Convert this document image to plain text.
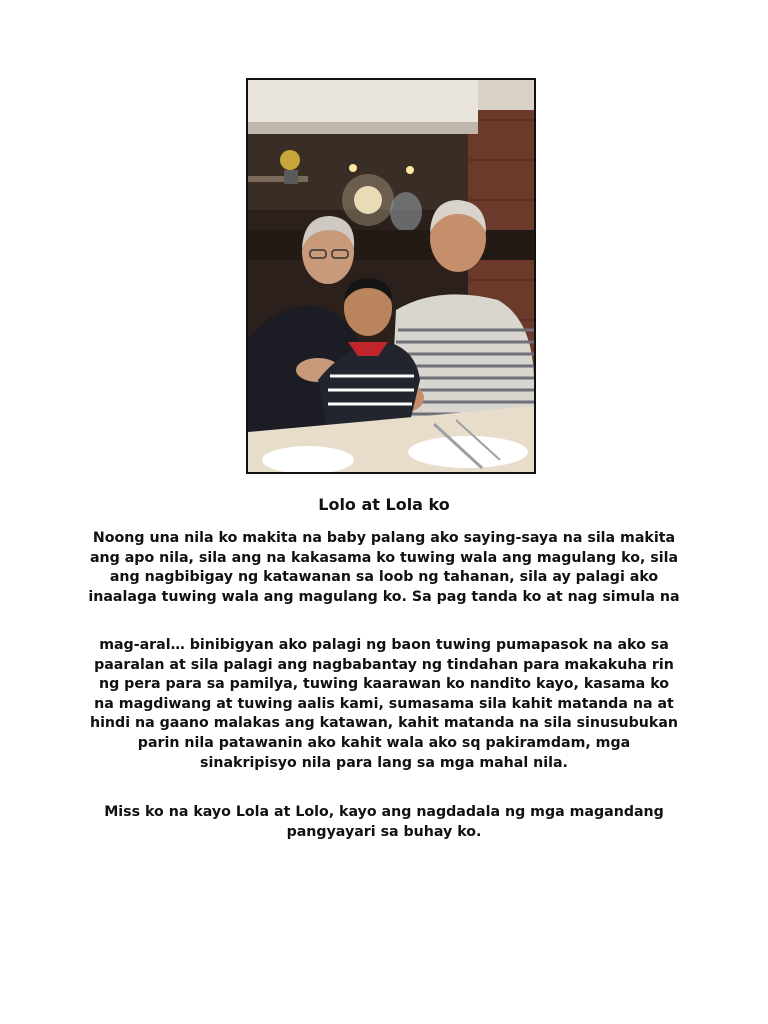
Lolo at Lola ko

Noong una nila ko makita na baby palang ako saying-saya na sila makita ang apo nila, sila ang na kakasama ko tuwing wala ang magulang ko, sila ang nagbibigay ng katawanan sa loob ng tahanan, sila ay palagi ako inaalaga tuwing wala ang magulang ko. Sa pag tanda ko at nag simula na

mag-aral… binibigyan ako palagi ng baon tuwing pumapasok na ako sa paaralan at sila palagi ang nagbabantay ng tindahan para makakuha rin ng pera para sa pamilya, tuwing kaarawan ko nandito kayo, kasama ko na magdiwang at tuwing aalis kami, sumasama sila kahit matanda na at hindi na gaano malakas ang katawan, kahit matanda na sila sinusubukan parin nila patawanin ako kahit wala ako sq pakiramdam, mga sinakripisyo nila para lang sa mga mahal nila.

Miss ko na kayo Lola at Lolo, kayo ang nagdadala ng mga magandang pangyayari sa buhay ko.
